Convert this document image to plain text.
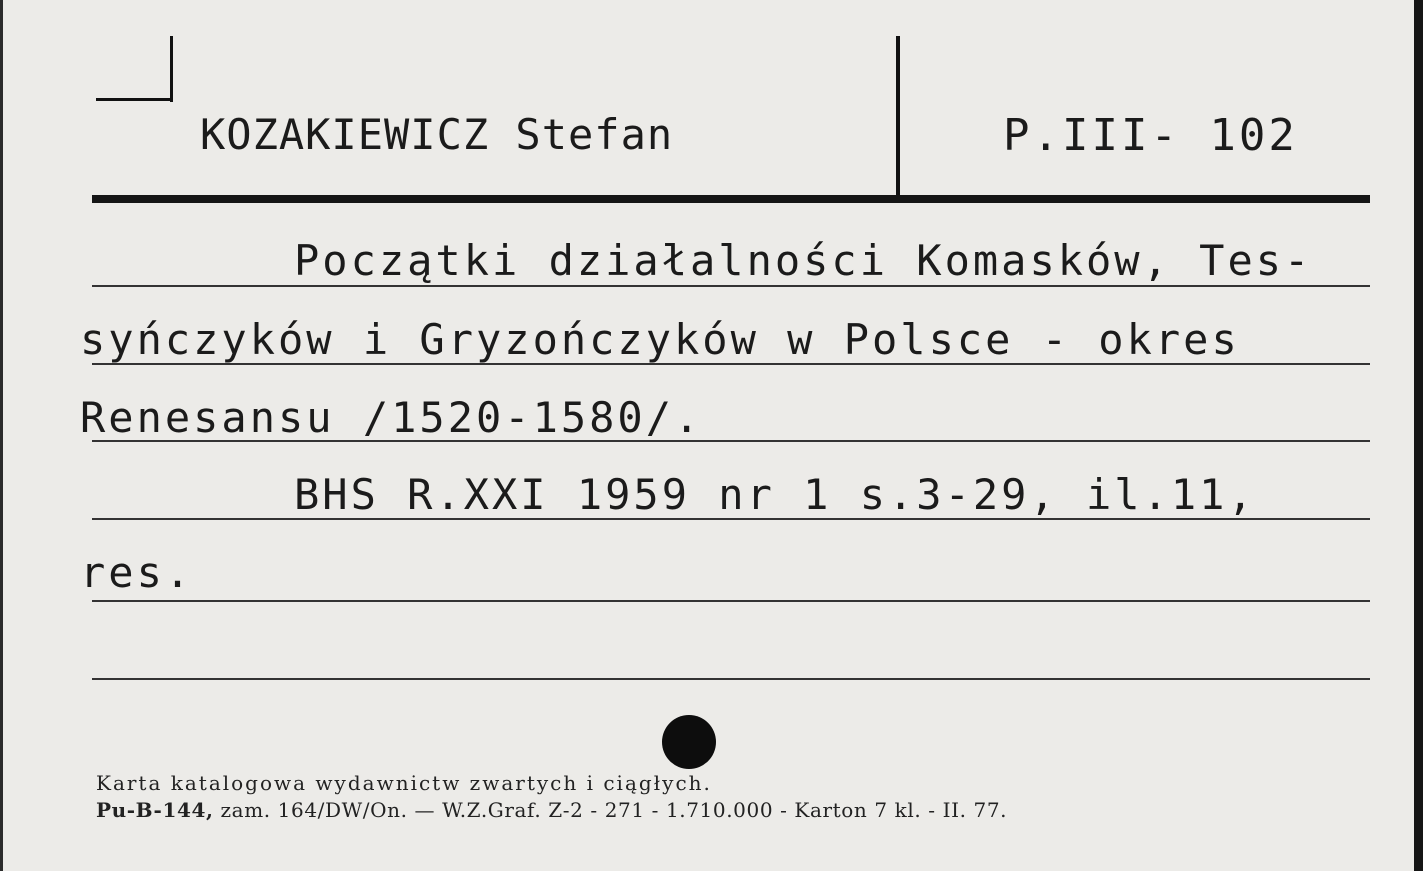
KOZAKIEWICZ Stefan	P.III- 102
Początki działalności Komasków, Tes-
syńczyków i Gryzończyków w Polsce - okres
Renesansu /1520-1580/.
BHS R.XXI 1959 nr 1 s.3-29, il.11,
res.
Karta katalogowa wydawnictw zwartych i ciągłych.
Pu-B-144, zam. 164/DW/On. — W.Z.Graf. Z-2 - 271 - 1.710.000 - Karton 7 kl. - II. 77.
